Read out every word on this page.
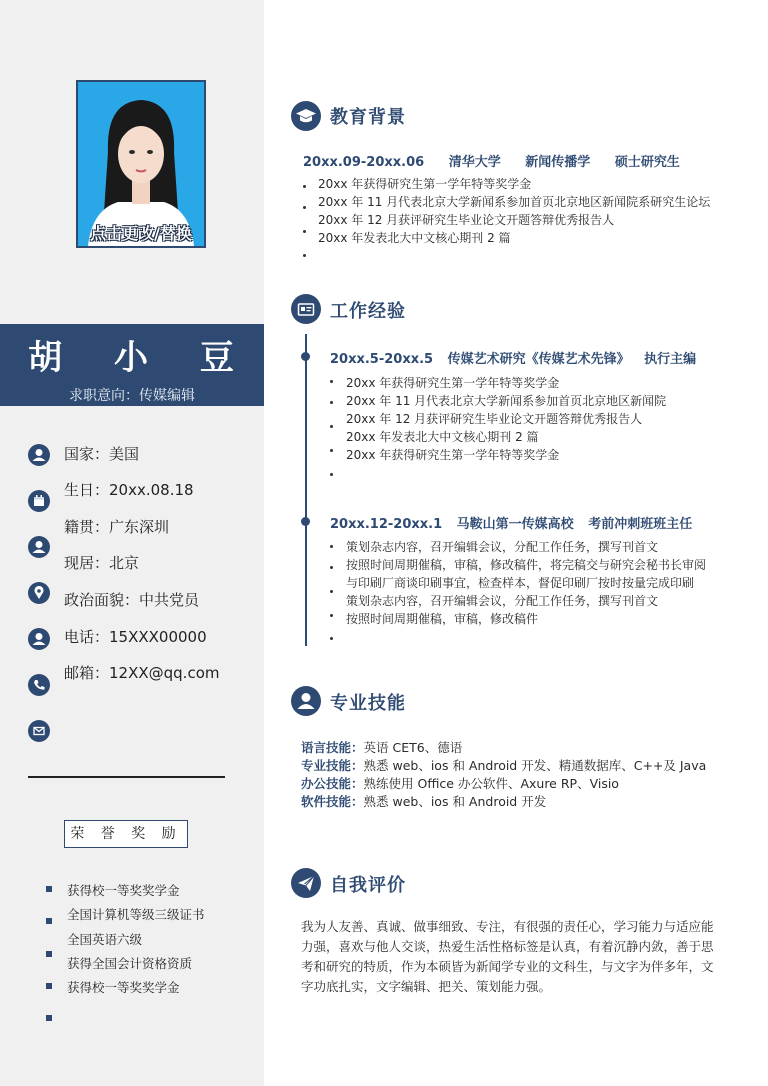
点击更改/替换
胡 小 豆
求职意向：传媒编辑
国家：美国
生日：20xx.08.18
籍贯：广东深圳
现居：北京
政治面貌：中共党员
电话：15XXX00000
邮箱：12XX@qq.com
荣 誉 奖 励
获得校一等奖奖学金
全国计算机等级三级证书
全国英语六级
获得全国会计资格资质
获得校一等奖奖学金
教育背景
20xx.09-20xx.06 清华大学 新闻传播学 硕士研究生
20xx 年获得研究生第一学年特等奖学金
20xx 年 11 月代表北京大学新闻系参加首页北京地区新闻院系研究生论坛
20xx 年 12 月获评研究生毕业论文开题答辩优秀报告人
20xx 年发表北大中文核心期刊 2 篇
工作经验
20xx.5-20xx.5 传媒艺术研究《传媒艺术先锋》 执行主编
20xx 年获得研究生第一学年特等奖学金
20xx 年 11 月代表北京大学新闻系参加首页北京地区新闻院
20xx 年 12 月获评研究生毕业论文开题答辩优秀报告人
20xx 年发表北大中文核心期刊 2 篇
20xx 年获得研究生第一学年特等奖学金
20xx.12-20xx.1 马鞍山第一传媒高校 考前冲刺班班主任
策划杂志内容，召开编辑会议，分配工作任务，撰写刊首文
按照时间周期催稿，审稿，修改稿件，将完稿交与研究会秘书长审阅
与印刷厂商谈印刷事宜，检查样本，督促印刷厂按时按量完成印刷
策划杂志内容，召开编辑会议，分配工作任务，撰写刊首文
按照时间周期催稿，审稿，修改稿件
专业技能
语言技能：英语 CET6、德语
专业技能：熟悉 web、ios 和 Android 开发、精通数据库、C++及 Java
办公技能：熟练使用 Office 办公软件、Axure RP、Visio
软件技能：熟悉 web、ios 和 Android 开发
自我评价
我为人友善、真诚、做事细致、专注，有很强的责任心，学习能力与适应能力强，喜欢与他人交谈，热爱生活性格标签是认真，有着沉静内敛，善于思考和研究的特质，作为本硕皆为新闻学专业的文科生，与文字为伴多年，文字功底扎实，文字编辑、把关、策划能力强。
